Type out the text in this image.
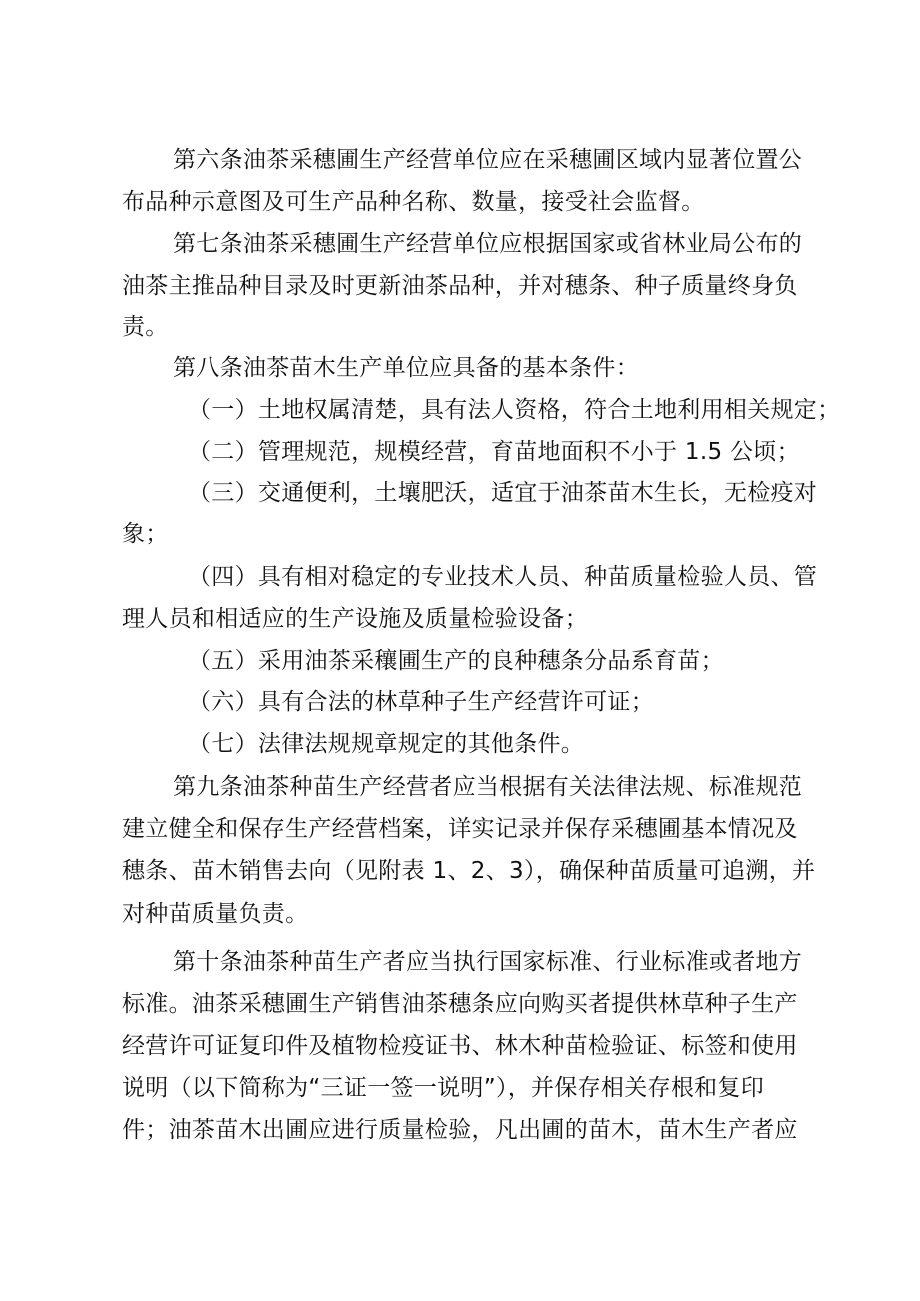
第六条油茶采穗圃生产经营单位应在采穗圃区域内显著位置公
布品种示意图及可生产品种名称、数量，接受社会监督。
第七条油茶采穗圃生产经营单位应根据国家或省林业局公布的
油茶主推品种目录及时更新油茶品种，并对穗条、种子质量终身负
责。
第八条油茶苗木生产单位应具备的基本条件：
（一）土地权属清楚，具有法人资格，符合土地利用相关规定；
（二）管理规范，规模经营，育苗地面积不小于 1.5 公顷；
（三）交通便利，土壤肥沃，适宜于油茶苗木生长，无检疫对
象；
（四）具有相对稳定的专业技术人员、种苗质量检验人员、管
理人员和相适应的生产设施及质量检验设备；
（五）采用油茶采穰圃生产的良种穗条分品系育苗；
（六）具有合法的林草种子生产经营许可证；
（七）法律法规规章规定的其他条件。
第九条油茶种苗生产经营者应当根据有关法律法规、标准规范
建立健全和保存生产经营档案，详实记录并保存采穗圃基本情况及
穗条、苗木销售去向（见附表 1、2、3），确保种苗质量可追溯，并
对种苗质量负责。
第十条油茶种苗生产者应当执行国家标准、行业标准或者地方
标准。油茶采穗圃生产销售油茶穗条应向购买者提供林草种子生产
经营许可证复印件及植物检疫证书、林木种苗检验证、标签和使用
说明（以下简称为“三证一签一说明”），并保存相关存根和复印
件；油茶苗木出圃应进行质量检验，凡出圃的苗木，苗木生产者应
